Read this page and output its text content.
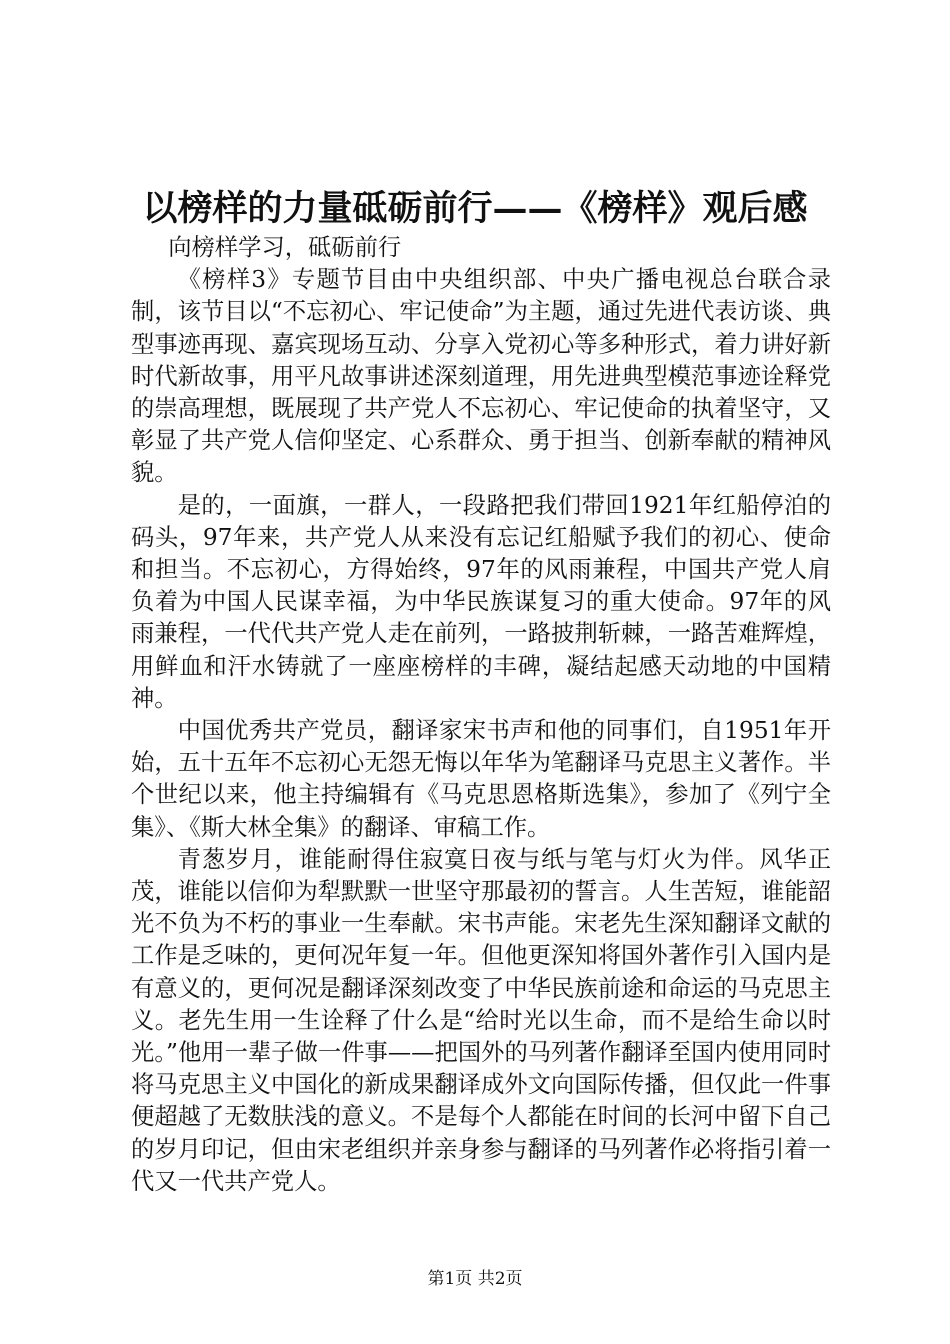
以榜样的力量砥砺前行——《榜样》观后感

向榜样学习，砥砺前行

《榜样3》专题节目由中央组织部、中央广播电视总台联合录制，该节目以“不忘初心、牢记使命”为主题，通过先进代表访谈、典型事迹再现、嘉宾现场互动、分享入党初心等多种形式，着力讲好新时代新故事，用平凡故事讲述深刻道理，用先进典型模范事迹诠释党的崇高理想，既展现了共产党人不忘初心、牢记使命的执着坚守，又彰显了共产党人信仰坚定、心系群众、勇于担当、创新奉献的精神风貌。

是的，一面旗，一群人，一段路把我们带回1921年红船停泊的码头，97年来，共产党人从来没有忘记红船赋予我们的初心、使命和担当。不忘初心，方得始终，97年的风雨兼程，中国共产党人肩负着为中国人民谋幸福，为中华民族谋复习的重大使命。97年的风雨兼程，一代代共产党人走在前列，一路披荆斩棘，一路苦难辉煌，用鲜血和汗水铸就了一座座榜样的丰碑，凝结起感天动地的中国精神。

中国优秀共产党员，翻译家宋书声和他的同事们，自1951年开始，五十五年不忘初心无怨无悔以年华为笔翻译马克思主义著作。半个世纪以来，他主持编辑有《马克思恩格斯选集》，参加了《列宁全集》、《斯大林全集》的翻译、审稿工作。

青葱岁月，谁能耐得住寂寞日夜与纸与笔与灯火为伴。风华正茂，谁能以信仰为犁默默一世坚守那最初的誓言。人生苦短，谁能韶光不负为不朽的事业一生奉献。宋书声能。宋老先生深知翻译文献的工作是乏味的，更何况年复一年。但他更深知将国外著作引入国内是有意义的，更何况是翻译深刻改变了中华民族前途和命运的马克思主义。老先生用一生诠释了什么是“给时光以生命，而不是给生命以时光。”他用一辈子做一件事——把国外的马列著作翻译至国内使用同时将马克思主义中国化的新成果翻译成外文向国际传播，但仅此一件事便超越了无数肤浅的意义。不是每个人都能在时间的长河中留下自己的岁月印记，但由宋老组织并亲身参与翻译的马列著作必将指引着一代又一代共产党人。

第1页 共2页
